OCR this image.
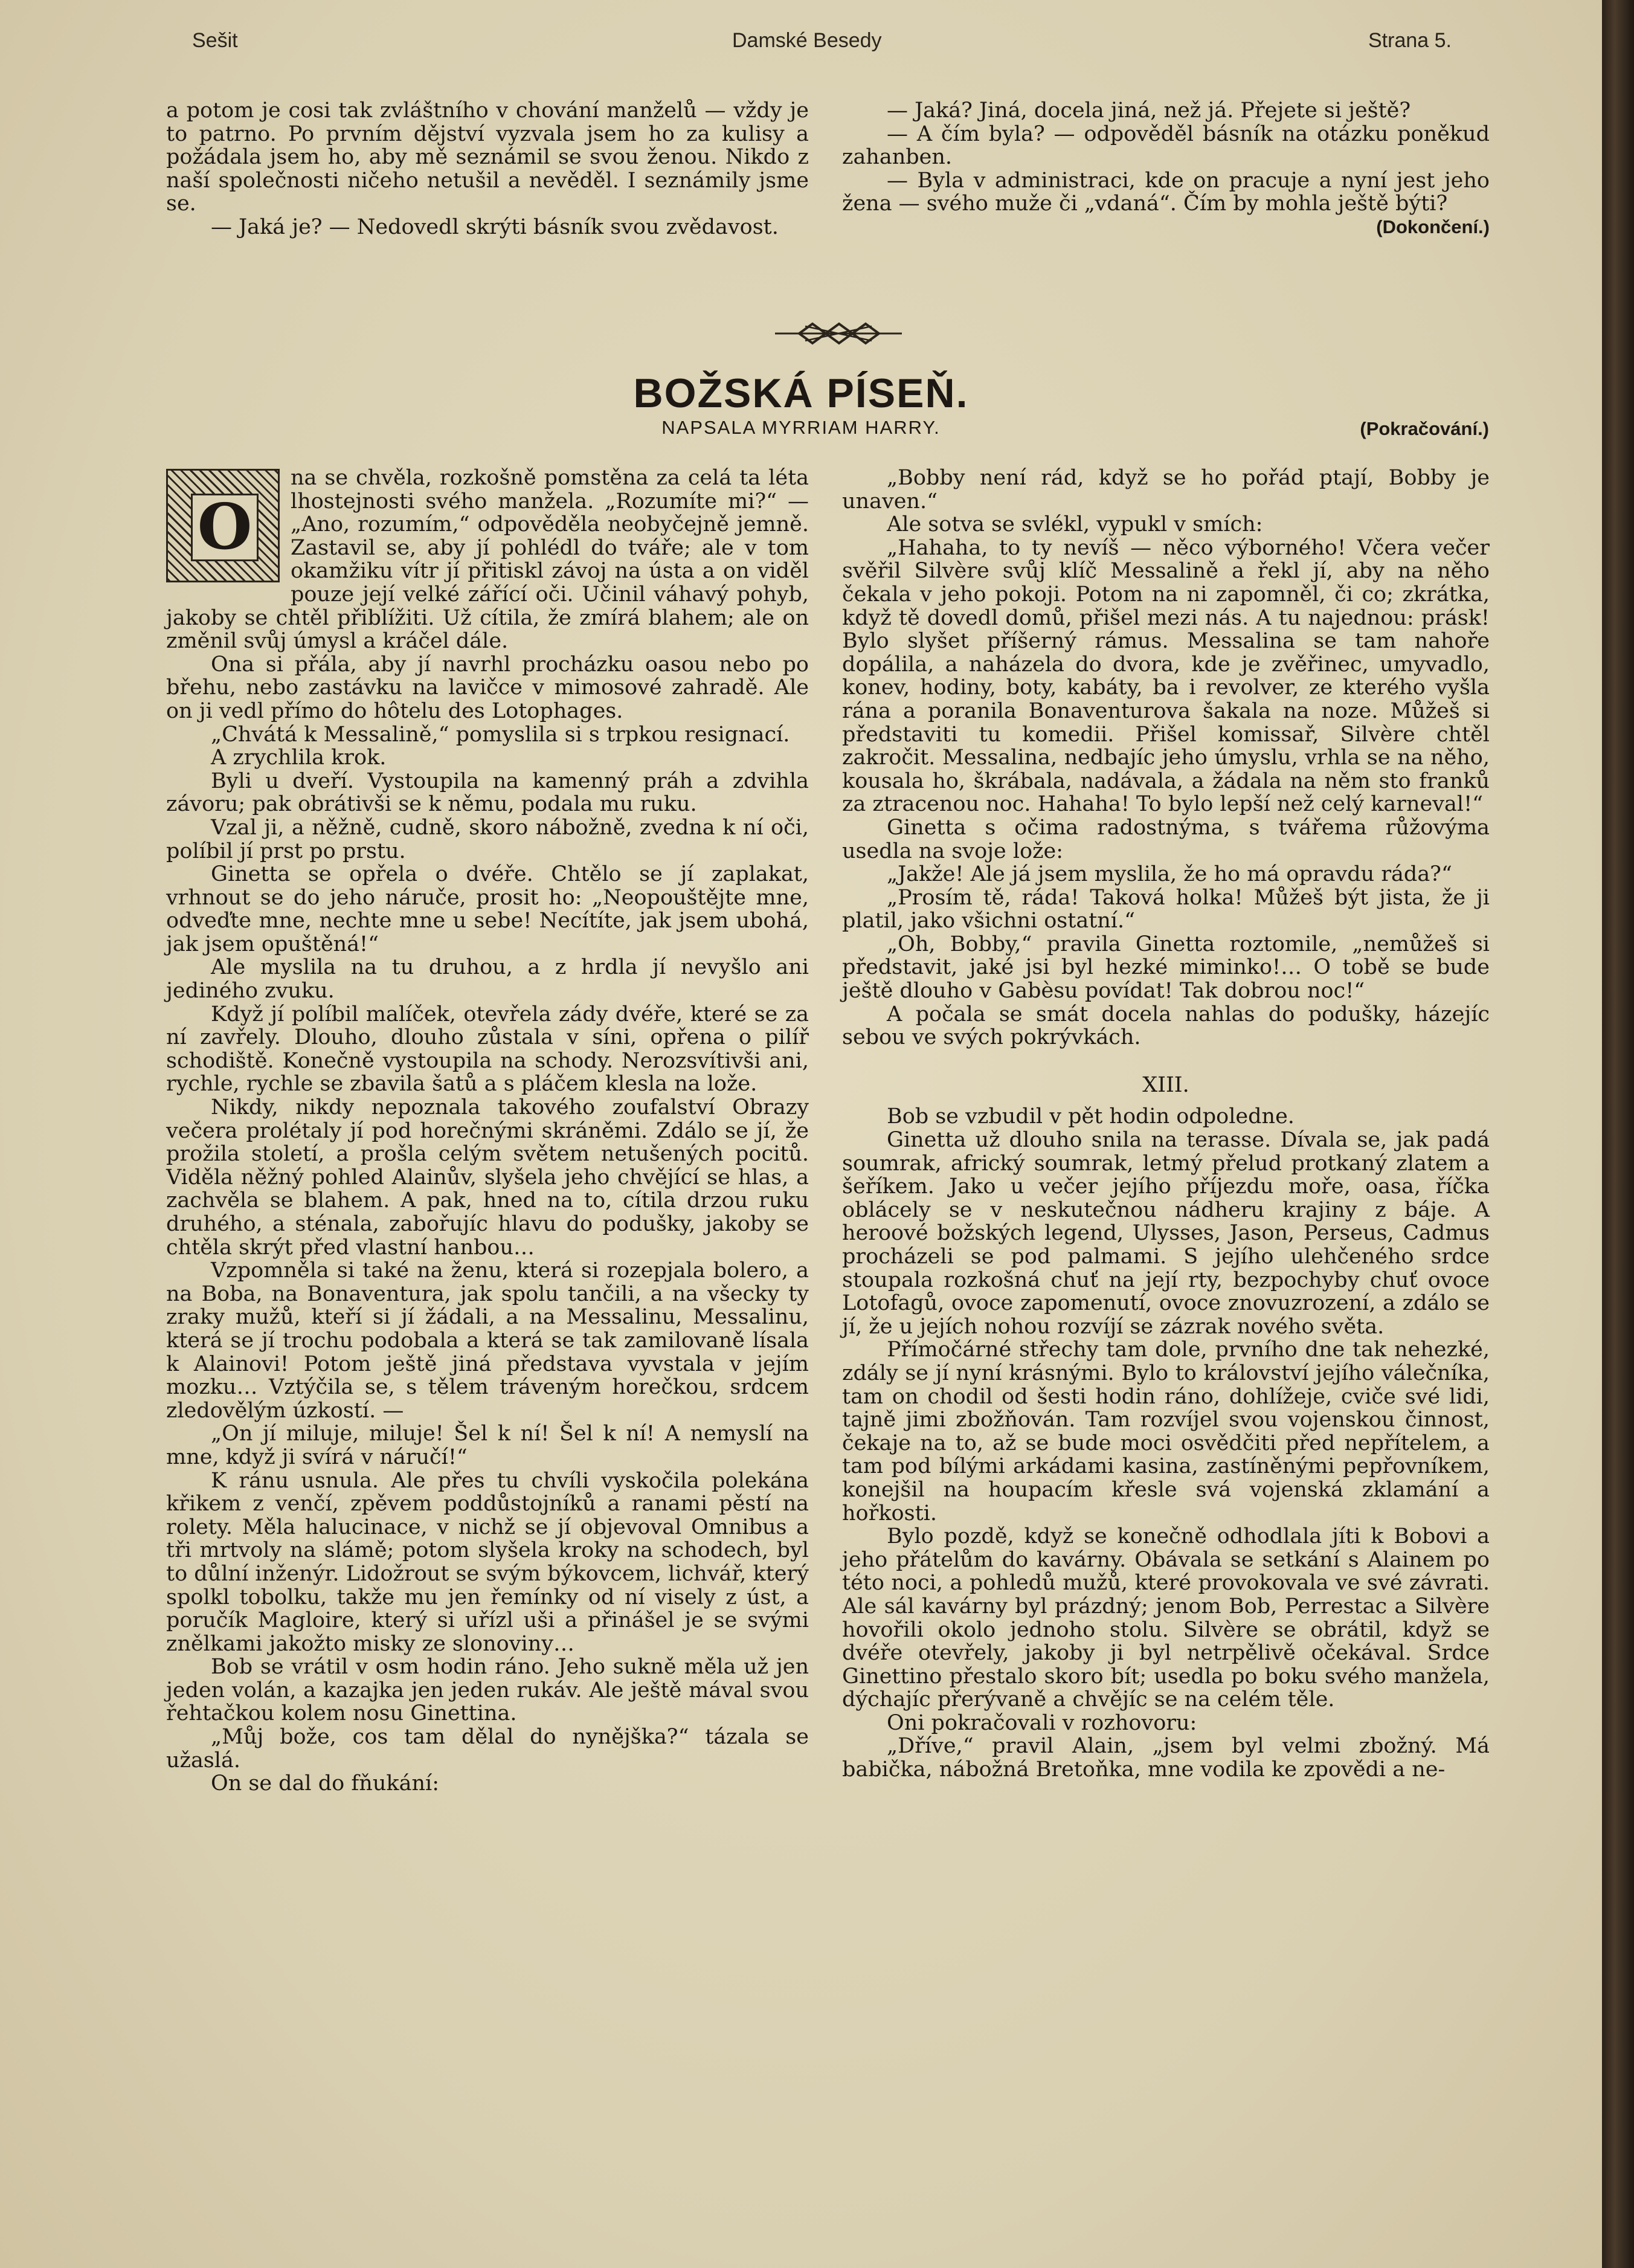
Sešit	Damské Besedy	Strana 5.

a potom je cosi tak zvláštního v chování manželů — vždy je to patrno. Po prvním dějství vyzvala jsem ho za kulisy a požádala jsem ho, aby mě seznámil se svou ženou. Nikdo z naší společnosti ničeho netušil a nevěděl. I seznámily jsme se.

— Jaká je? — Nedovedl skrýti básník svou zvědavost.

— Jaká? Jiná, docela jiná, než já. Přejete si ještě?

— A čím byla? — odpověděl básník na otázku poněkud zahanben.

— Byla v administraci, kde on pracuje a nyní jest jeho žena — svého muže či „vdaná“. Čím by mohla ještě býti?
(Dokončení.)

BOŽSKÁ PÍSEŇ.
NAPSALA MYRRIAM HARRY.	(Pokračování.)

O
na se chvěla, rozkošně pomstěna za celá ta léta lhostejnosti svého manžela. „Rozumíte mi?“ — „Ano, rozumím,“ odpověděla neobyčejně jemně. Zastavil se, aby jí pohlédl do tváře; ale v tom okamžiku vítr jí přitiskl závoj na ústa a on viděl pouze její velké zářící oči. Učinil váhavý pohyb, jakoby se chtěl přiblížiti. Už cítila, že zmírá blahem; ale on změnil svůj úmysl a kráčel dále.

Ona si přála, aby jí navrhl procházku oasou nebo po břehu, nebo zastávku na lavičce v mimosové zahradě. Ale on ji vedl přímo do hôtelu des Lotophages.

„Chvátá k Messalině,“ pomyslila si s trpkou resignací.

A zrychlila krok.

Byli u dveří. Vystoupila na kamenný práh a zdvihla závoru; pak obrátivši se k němu, podala mu ruku.

Vzal ji, a něžně, cudně, skoro nábožně, zvedna k ní oči, políbil jí prst po prstu.

Ginetta se opřela o dvéře. Chtělo se jí zaplakat, vrhnout se do jeho náruče, prosit ho: „Neopouštějte mne, odveďte mne, nechte mne u sebe! Necítíte, jak jsem ubohá, jak jsem opuštěná!“

Ale myslila na tu druhou, a z hrdla jí nevyšlo ani jediného zvuku.

Když jí políbil malíček, otevřela zády dvéře, které se za ní zavřely. Dlouho, dlouho zůstala v síni, opřena o pilíř schodiště. Konečně vystoupila na schody. Nerozsvítivši ani, rychle, rychle se zbavila šatů a s pláčem klesla na lože.

Nikdy, nikdy nepoznala takového zoufalství Obrazy večera prolétaly jí pod horečnými skráněmi. Zdálo se jí, že prožila století, a prošla celým světem netušených pocitů. Viděla něžný pohled Alainův, slyšela jeho chvějící se hlas, a zachvěla se blahem. A pak, hned na to, cítila drzou ruku druhého, a sténala, zabořujíc hlavu do podušky, jakoby se chtěla skrýt před vlastní hanbou…

Vzpomněla si také na ženu, která si rozepjala bolero, a na Boba, na Bonaventura, jak spolu tančili, a na všecky ty zraky mužů, kteří si jí žádali, a na Messalinu, Messalinu, která se jí trochu podobala a která se tak zamilovaně lísala k Alainovi! Potom ještě jiná představa vyvstala v jejím mozku… Vztýčila se, s tělem tráveným horečkou, srdcem zledovělým úzkostí. —

„On jí miluje, miluje! Šel k ní! Šel k ní! A nemyslí na mne, když ji svírá v náručí!“

K ránu usnula. Ale přes tu chvíli vyskočila polekána křikem z venčí, zpěvem poddůstojníků a ranami pěstí na rolety. Měla halucinace, v nichž se jí objevoval Omnibus a tři mrtvoly na slámě; potom slyšela kroky na schodech, byl to důlní inženýr. Lidožrout se svým býkovcem, lichvář, který spolkl tobolku, takže mu jen řemínky od ní visely z úst, a poručík Magloire, který si uřízl uši a přinášel je se svými znělkami jakožto misky ze slonoviny…

Bob se vrátil v osm hodin ráno. Jeho sukně měla už jen jeden volán, a kazajka jen jeden rukáv. Ale ještě mával svou řehtačkou kolem nosu Ginettina.

„Můj bože, cos tam dělal do nynějška?“ tázala se užaslá.

On se dal do fňukání:

„Bobby není rád, když se ho pořád ptají, Bobby je unaven.“

Ale sotva se svlékl, vypukl v smích:

„Hahaha, to ty nevíš — něco výborného! Včera večer svěřil Silvère svůj klíč Messalině a řekl jí, aby na něho čekala v jeho pokoji. Potom na ni zapomněl, či co; zkrátka, když tě dovedl domů, přišel mezi nás. A tu najednou: prásk! Bylo slyšet příšerný rámus. Messalina se tam nahoře dopálila, a naházela do dvora, kde je zvěřinec, umyvadlo, konev, hodiny, boty, kabáty, ba i revolver, ze kterého vyšla rána a poranila Bonaventurova šakala na noze. Můžeš si představiti tu komedii. Přišel komissař, Silvère chtěl zakročit. Messalina, nedbajíc jeho úmyslu, vrhla se na něho, kousala ho, škrábala, nadávala, a žádala na něm sto franků za ztracenou noc. Hahaha! To bylo lepší než celý karneval!“

Ginetta s očima radostnýma, s tvářema růžovýma usedla na svoje lože:

„Jakže! Ale já jsem myslila, že ho má opravdu ráda?“

„Prosím tě, ráda! Taková holka! Můžeš být jista, že ji platil, jako všichni ostatní.“

„Oh, Bobby,“ pravila Ginetta roztomile, „nemůžeš si představit, jaké jsi byl hezké miminko!… O tobě se bude ještě dlouho v Gabèsu povídat! Tak dobrou noc!“

A počala se smát docela nahlas do podušky, házejíc sebou ve svých pokrývkách.

XIII.

Bob se vzbudil v pět hodin odpoledne.

Ginetta už dlouho snila na terasse. Dívala se, jak padá soumrak, africký soumrak, letmý přelud protkaný zlatem a šeříkem. Jako u večer jejího příjezdu moře, oasa, říčka oblácely se v neskutečnou nádheru krajiny z báje. A heroové božských legend, Ulysses, Jason, Perseus, Cadmus procházeli se pod palmami. S jejího ulehčeného srdce stoupala rozkošná chuť na její rty, bezpochyby chuť ovoce Lotofagů, ovoce zapomenutí, ovoce znovuzrození, a zdálo se jí, že u jejích nohou rozvíjí se zázrak nového světa.

Přímočárné střechy tam dole, prvního dne tak nehezké, zdály se jí nyní krásnými. Bylo to království jejího válečníka, tam on chodil od šesti hodin ráno, dohlížeje, cviče své lidi, tajně jimi zbožňován. Tam rozvíjel svou vojenskou činnost, čekaje na to, až se bude moci osvědčiti před nepřítelem, a tam pod bílými arkádami kasina, zastíněnými pepřovníkem, konejšil na houpacím křesle svá vojenská zklamání a hořkosti.

Bylo pozdě, když se konečně odhodlala jíti k Bobovi a jeho přátelům do kavárny. Obávala se setkání s Alainem po této noci, a pohledů mužů, které provokovala ve své závrati. Ale sál kavárny byl prázdný; jenom Bob, Perrestac a Silvère hovořili okolo jednoho stolu. Silvère se obrátil, když se dvéře otevřely, jakoby ji byl netrpělivě očekával. Srdce Ginettino přestalo skoro bít; usedla po boku svého manžela, dýchajíc přerývaně a chvějíc se na celém těle.

Oni pokračovali v rozhovoru:

„Dříve,“ pravil Alain, „jsem byl velmi zbožný. Má babička, nábožná Bretoňka, mne vodila ke zpovědi a ne-
